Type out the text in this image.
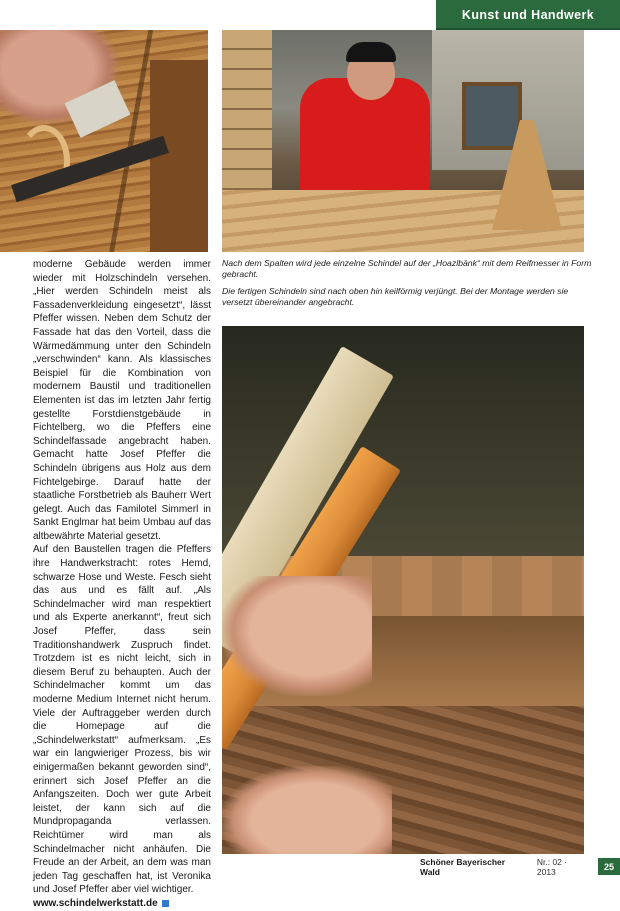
Kunst und Handwerk

Nach dem Spalten wird jede einzelne Schindel auf der „Hoazlbänk“ mit dem Reifmesser in Form gebracht.

Die fertigen Schindeln sind nach oben hin keilförmig verjüngt. Bei der Montage werden sie versetzt übereinander angebracht.

moderne Gebäude werden immer wieder mit Holzschindeln versehen. „Hier werden Schindeln meist als Fassadenverkleidung eingesetzt“, lässt Pfeffer wissen. Neben dem Schutz der Fassade hat das den Vorteil, dass die Wärmedämmung unter den Schindeln „verschwinden“ kann. Als klassisches Beispiel für die Kombination von modernem Baustil und traditionellen Elementen ist das im letzten Jahr fertig gestellte Forstdienstgebäude in Fichtelberg, wo die Pfeffers eine Schindelfassade angebracht haben. Gemacht hatte Josef Pfeffer die Schindeln übrigens aus Holz aus dem Fichtelgebirge. Darauf hatte der staatliche Forstbetrieb als Bauherr Wert gelegt. Auch das Familotel Simmerl in Sankt Englmar hat beim Umbau auf das altbewährte Material gesetzt.

Auf den Baustellen tragen die Pfeffers ihre Handwerkstracht: rotes Hemd, schwarze Hose und Weste. Fesch sieht das aus und es fällt auf. „Als Schindelmacher wird man respektiert und als Experte anerkannt“, freut sich Josef Pfeffer, dass sein Traditionshandwerk Zuspruch findet. Trotzdem ist es nicht leicht, sich in diesem Beruf zu behaupten. Auch der Schindelmacher kommt um das moderne Medium Internet nicht herum. Viele der Auftraggeber werden durch die Homepage auf die „Schindelwerkstatt“ aufmerksam. „Es war ein langwieriger Prozess, bis wir einigermaßen bekannt geworden sind“, erinnert sich Josef Pfeffer an die Anfangszeiten. Doch wer gute Arbeit leistet, der kann sich auf die Mundpropaganda verlassen. Reichtümer wird man als Schindelmacher nicht anhäufen. Die Freude an der Arbeit, an dem was man jeden Tag geschaffen hat, ist Veronika und Josef Pfeffer aber viel wichtiger.

www.schindelwerkstatt.de

Schöner Bayerischer Wald
Nr.: 02 · 2013	25
